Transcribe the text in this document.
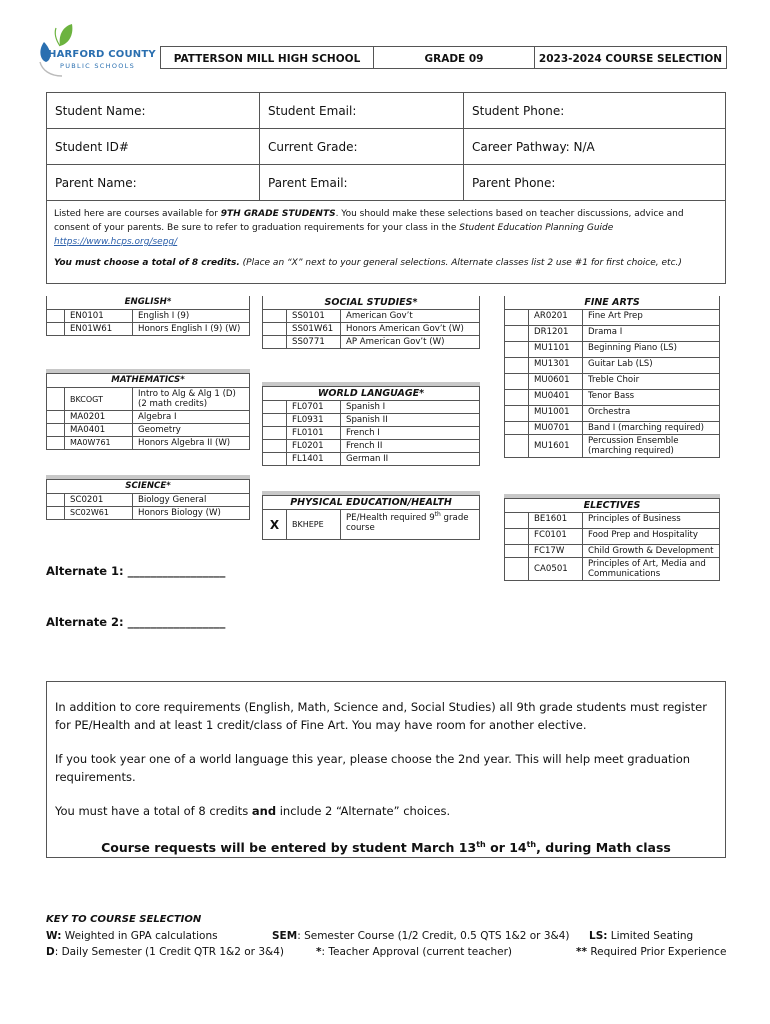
HARFORD COUNTY
PUBLIC SCHOOLS
PATTERSON MILL HIGH SCHOOL	GRADE 09	2023-2024 COURSE SELECTION
Student Name:	Student Email:	Student Phone:
Student ID#	Current Grade:	Career Pathway: N/A
Parent Name:	Parent Email:	Parent Phone:

Listed here are courses available for 9TH GRADE STUDENTS. You should make these selections based on teacher discussions, advice and consent of your parents. Be sure to refer to graduation requirements for your class in the Student Education Planning Guide
https://www.hcps.org/sepg/

You must choose a total of 8 credits. (Place an “X” next to your general selections. Alternate classes list 2 use #1 for first choice, etc.)

ENGLISH*		
	EN0101	English I (9)
	EN01W61	Honors English I (9) (W)
MATHEMATICS*		
	BKCOGT	Intro to Alg & Alg 1 (D) (2 math credits)
	MA0201	Algebra I
	MA0401	Geometry
	MA0W761	Honors Algebra II (W)
SCIENCE*		
	SC0201	Biology General
	SC02W61	Honors Biology (W)
SOCIAL STUDIES*		
	SS0101	American Gov’t
	SS01W61	Honors American Gov’t (W)
	SS0771	AP American Gov’t (W)
WORLD LANGUAGE*		
	FL0701	Spanish I
	FL0931	Spanish II
	FL0101	French I
	FL0201	French II
	FL1401	German II
PHYSICAL EDUCATION/HEALTH
X	BKHEPE	PE/Health required 9th grade course
FINE ARTS		
	AR0201	Fine Art Prep
	DR1201	Drama I
	MU1101	Beginning Piano (LS)
	MU1301	Guitar Lab (LS)
	MU0601	Treble Choir
	MU0401	Tenor Bass
	MU1001	Orchestra
	MU0701	Band I (marching required)
	MU1601	Percussion Ensemble (marching required)
ELECTIVES		
	BE1601	Principles of Business
	FC0101	Food Prep and Hospitality
	FC17W	Child Growth & Development
	CA0501	Principles of Art, Media and Communications
Alternate 1: _________________
Alternate 2: _________________

In addition to core requirements (English, Math, Science and, Social Studies) all 9th grade students must register for PE/Health and at least 1 credit/class of Fine Art. You may have room for another elective.

If you took year one of a world language this year, please choose the 2nd year. This will help meet graduation requirements.

You must have a total of 8 credits and include 2 “Alternate” choices.

Course requests will be entered by student March 13th or 14th, during Math class

KEY TO COURSE SELECTION
W: Weighted in GPA calculations	SEM: Semester Course (1/2 Credit, 0.5 QTS 1&2 or 3&4) LS: Limited Seating
D: Daily Semester (1 Credit QTR 1&2 or 3&4)	*: Teacher Approval (current teacher)	** Required Prior Experience
